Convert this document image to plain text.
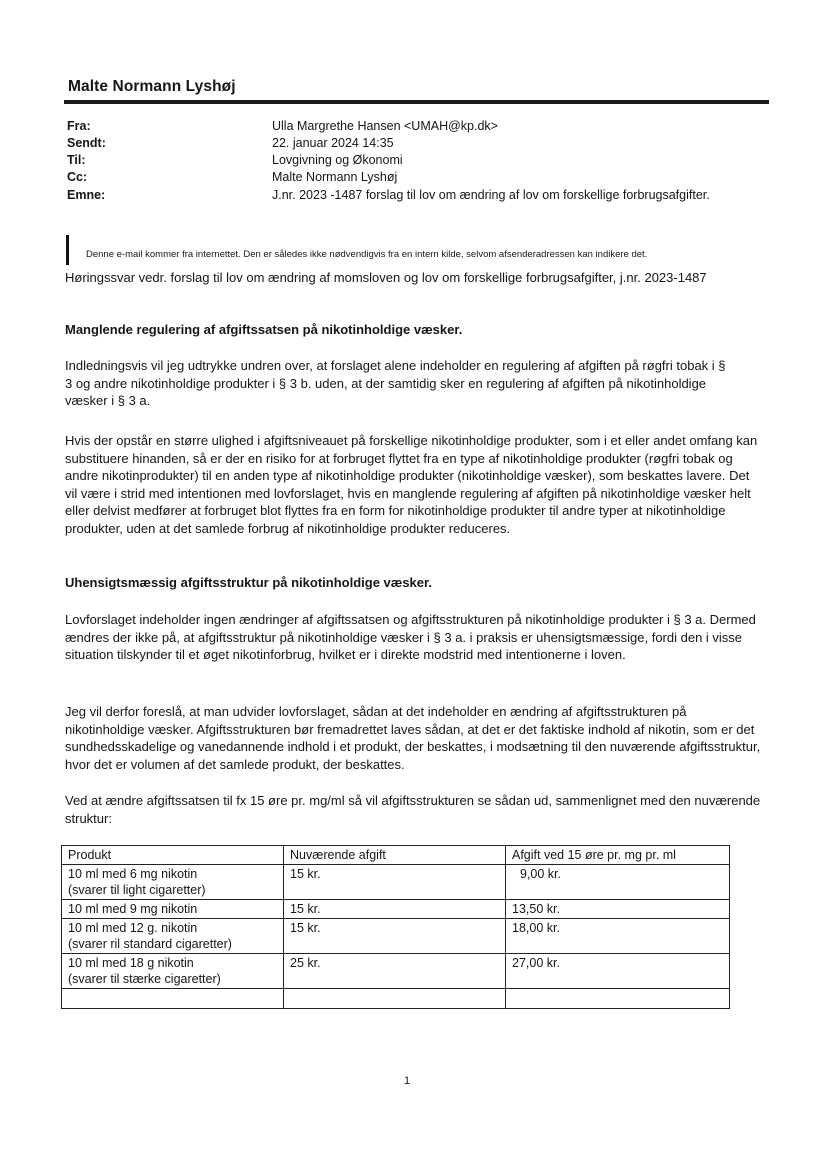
Malte Normann Lyshøj
Fra:	Ulla Margrethe Hansen <UMAH@kp.dk>
Sendt:	22. januar 2024 14:35
Til:	Lovgivning og Økonomi
Cc:	Malte Normann Lyshøj
Emne:	J.nr. 2023 -1487 forslag til lov om ændring af lov om forskellige forbrugsafgifter.
Denne e-mail kommer fra internettet. Den er således ikke nødvendigvis fra en intern kilde, selvom afsenderadressen kan indikere det.
Høringssvar vedr. forslag til lov om ændring af momsloven og lov om forskellige forbrugsafgifter, j.nr. 2023-1487
Manglende regulering af afgiftssatsen på nikotinholdige væsker.
Indledningsvis vil jeg udtrykke undren over, at forslaget alene indeholder en regulering af afgiften på røgfri tobak i § 3 og andre nikotinholdige produkter i § 3 b. uden, at der samtidig sker en regulering af afgiften på nikotinholdige væsker i § 3 a.
Hvis der opstår en større ulighed i afgiftsniveauet på forskellige nikotinholdige produkter, som i et eller andet omfang kan substituere hinanden, så er der en risiko for at forbruget flyttet fra en type af nikotinholdige produkter (røgfri tobak og andre nikotinprodukter) til en anden type af nikotinholdige produkter (nikotinholdige væsker), som beskattes lavere. Det vil være i strid med intentionen med lovforslaget, hvis en manglende regulering af afgiften på nikotinholdige væsker helt eller delvist medfører at forbruget blot flyttes fra en form for nikotinholdige produkter til andre typer at nikotinholdige produkter, uden at det samlede forbrug af nikotinholdige produkter reduceres.
Uhensigtsmæssig afgiftsstruktur på nikotinholdige væsker.
Lovforslaget indeholder ingen ændringer af afgiftssatsen og afgiftsstrukturen på nikotinholdige produkter i § 3 a. Dermed ændres der ikke på, at afgiftsstruktur på nikotinholdige væsker i § 3 a. i praksis er uhensigtsmæssige, fordi den i visse situation tilskynder til et øget nikotinforbrug, hvilket er i direkte modstrid med intentionerne i loven.
Jeg vil derfor foreslå, at man udvider lovforslaget, sådan at det indeholder en ændring af afgiftsstrukturen på nikotinholdige væsker. Afgiftsstrukturen bør fremadrettet laves sådan, at det er det faktiske indhold af nikotin, som er det sundhedsskadelige og vanedannende indhold i et produkt, der beskattes, i modsætning til den nuværende afgiftsstruktur, hvor det er volumen af det samlede produkt, der beskattes.
Ved at ændre afgiftssatsen til fx 15 øre pr. mg/ml så vil afgiftsstrukturen se sådan ud, sammenlignet med den nuværende struktur:
Produkt	Nuværende afgift	Afgift ved 15 øre pr. mg pr. ml

10 ml med 6 mg nikotin
(svarer til light cigaretter)	15 kr.	9,00 kr.

10 ml med 9 mg nikotin	15 kr.	13,50 kr.

10 ml med 12 g. nikotin
(svarer ril standard cigaretter)	15 kr.	18,00 kr.

10 ml med 18 g nikotin
(svarer til stærke cigaretter)	25 kr.	27,00 kr.

1
